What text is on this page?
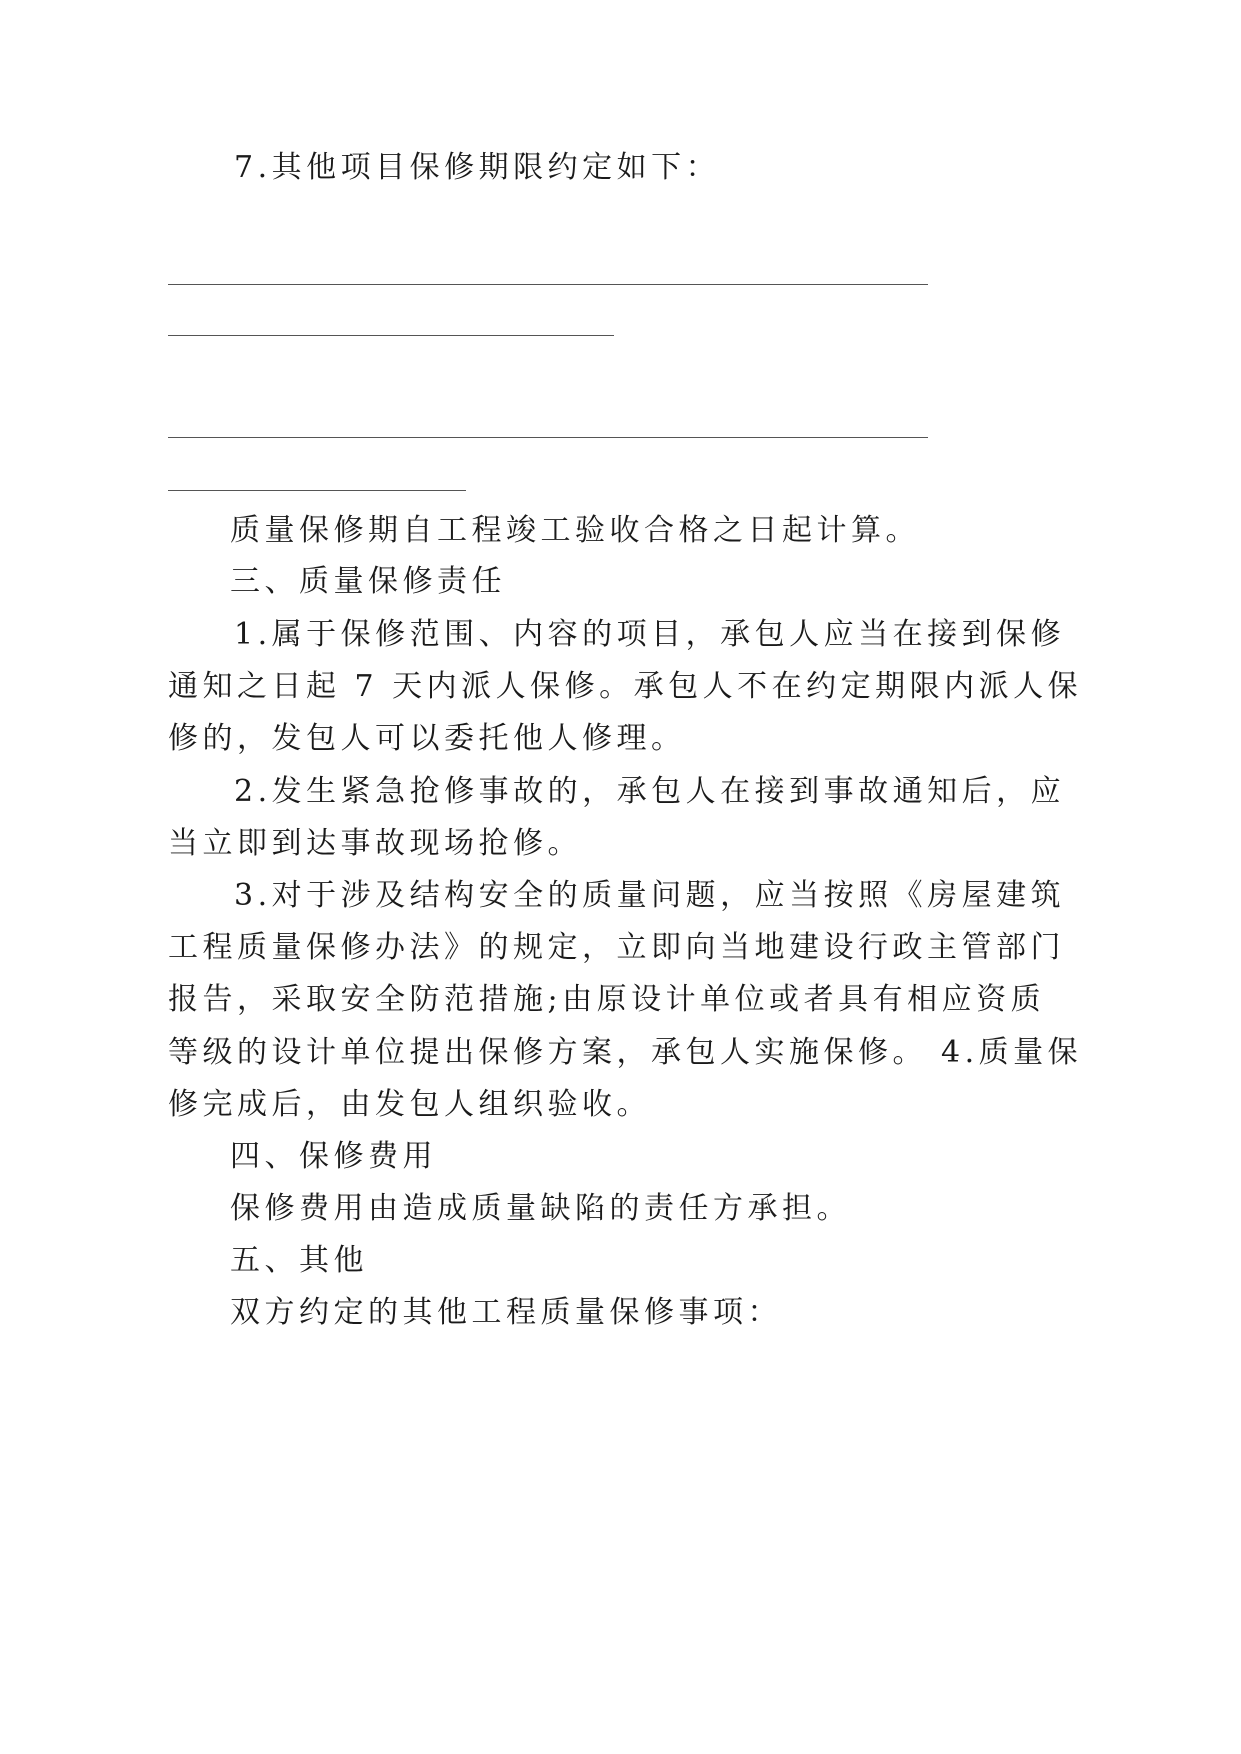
7.其他项目保修期限约定如下：

质量保修期自工程竣工验收合格之日起计算。

三、质量保修责任

1.属于保修范围、内容的项目，承包人应当在接到保修

通知之日起 7 天内派人保修。承包人不在约定期限内派人保

修的，发包人可以委托他人修理。

2.发生紧急抢修事故的，承包人在接到事故通知后，应

当立即到达事故现场抢修。

3.对于涉及结构安全的质量问题，应当按照《房屋建筑

工程质量保修办法》的规定，立即向当地建设行政主管部门

报告，采取安全防范措施;由原设计单位或者具有相应资质

等级的设计单位提出保修方案，承包人实施保修。 4.质量保

修完成后，由发包人组织验收。

四、保修费用

保修费用由造成质量缺陷的责任方承担。

五、其他

双方约定的其他工程质量保修事项：
